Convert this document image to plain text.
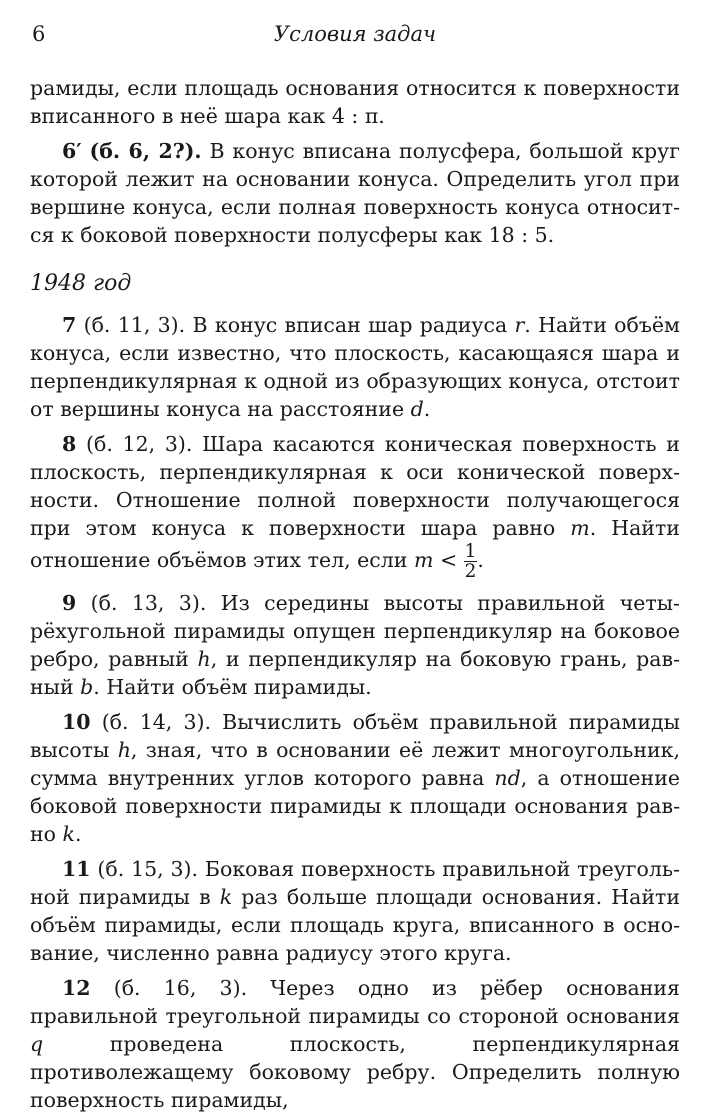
6	Условия задач

рамиды, если площадь основания относится к поверхности вписанного в неё шара как 4 : π.

6′ (б. 6, 2?). В конус вписана полусфера, большой круг которой лежит на основании конуса. Определить угол при вершине конуса, если полная поверхность конуса относится к боковой поверхности полусферы как 18 : 5.

1948 год

7 (б. 11, 3). В конус вписан шар радиуса r. Найти объём конуса, если известно, что плоскость, касающаяся шара и перпендикулярная к одной из образующих конуса, отстоит от вершины конуса на расстояние d.

8 (б. 12, 3). Шара касаются коническая поверхность и плоскость, перпендикулярная к оси конической поверхности. Отношение полной поверхности получающегося при этом конуса к поверхности шара равно m. Найти отношение объёмов этих тел, если $m < \frac{1}{2}$ .

9 (б. 13, 3). Из середины высоты правильной четырёхугольной пирамиды опущен перпендикуляр на боковое ребро, равный h, и перпендикуляр на боковую грань, равный b. Найти объём пирамиды.

10 (б. 14, 3). Вычислить объём правильной пирамиды высоты h, зная, что в основании её лежит многоугольник, сумма внутренних углов которого равна nd, а отношение боковой поверхности пирамиды к площади основания равно k.

11 (б. 15, 3). Боковая поверхность правильной треугольной пирамиды в k раз больше площади основания. Найти объём пирамиды, если площадь круга, вписанного в основание, численно равна радиусу этого круга.

12 (б. 16, 3). Через одно из рёбер основания правильной треугольной пирамиды со стороной основания q проведена плоскость, перпендикулярная противолежащему боковому ребру. Определить полную поверхность пирамиды,
